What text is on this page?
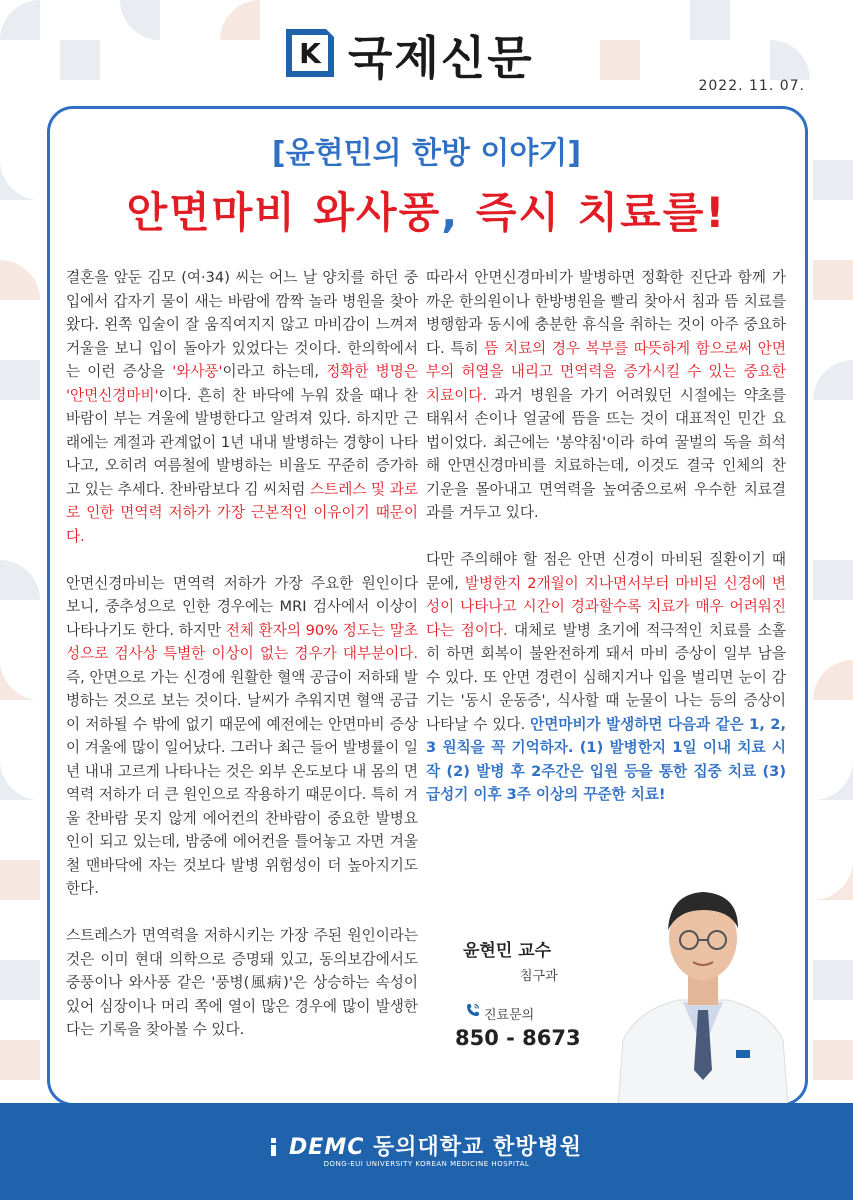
K 국제신문
2022. 11. 07.
[윤현민의 한방 이야기]
안면마비 와사풍, 즉시 치료를!

결혼을 앞둔 김모 (여·34) 씨는 어느 날 양치를 하던 중 입에서 갑자기 물이 새는 바람에 깜짝 놀라 병원을 찾아왔다. 왼쪽 입술이 잘 움직여지지 않고 마비감이 느껴져 거울을 보니 입이 돌아가 있었다는 것이다. 한의학에서는 이런 증상을 '와사풍'이라고 하는데, 정확한 병명은 '안면신경마비'이다. 흔히 찬 바닥에 누워 잤을 때나 찬바람이 부는 겨울에 발병한다고 알려져 있다. 하지만 근래에는 계절과 관계없이 1년 내내 발병하는 경향이 나타나고, 오히려 여름철에 발병하는 비율도 꾸준히 증가하고 있는 추세다. 찬바람보다 김 씨처럼 스트레스 및 과로로 인한 면역력 저하가 가장 근본적인 이유이기 때문이다.

안면신경마비는 면역력 저하가 가장 주요한 원인이다 보니, 중추성으로 인한 경우에는 MRI 검사에서 이상이 나타나기도 한다. 하지만 전체 환자의 90% 정도는 말초성으로 검사상 특별한 이상이 없는 경우가 대부분이다. 즉, 안면으로 가는 신경에 원활한 혈액 공급이 저하돼 발병하는 것으로 보는 것이다. 날씨가 추워지면 혈액 공급이 저하될 수 밖에 없기 때문에 예전에는 안면마비 증상이 겨울에 많이 일어났다. 그러나 최근 들어 발병률이 일년 내내 고르게 나타나는 것은 외부 온도보다 내 몸의 면역력 저하가 더 큰 원인으로 작용하기 때문이다. 특히 겨울 찬바람 못지 않게 에어컨의 찬바람이 중요한 발병요인이 되고 있는데, 밤중에 에어컨을 틀어놓고 자면 겨울철 맨바닥에 자는 것보다 발병 위험성이 더 높아지기도 한다.

스트레스가 면역력을 저하시키는 가장 주된 원인이라는 것은 이미 현대 의학으로 증명돼 있고, 동의보감에서도 중풍이나 와사풍 같은 '풍병(風病)'은 상승하는 속성이 있어 심장이나 머리 쪽에 열이 많은 경우에 많이 발생한다는 기록을 찾아볼 수 있다.

따라서 안면신경마비가 발병하면 정확한 진단과 함께 가까운 한의원이나 한방병원을 빨리 찾아서 침과 뜸 치료를 병행함과 동시에 충분한 휴식을 취하는 것이 아주 중요하다. 특히 뜸 치료의 경우 복부를 따뜻하게 함으로써 안면부의 허열을 내리고 면역력을 증가시킬 수 있는 중요한 치료이다. 과거 병원을 가기 어려웠던 시절에는 약초를 태워서 손이나 얼굴에 뜸을 뜨는 것이 대표적인 민간 요법이었다. 최근에는 '봉약침'이라 하여 꿀벌의 독을 희석해 안면신경마비를 치료하는데, 이것도 결국 인체의 찬 기운을 몰아내고 면역력을 높여줌으로써 우수한 치료결과를 거두고 있다.

다만 주의해야 할 점은 안면 신경이 마비된 질환이기 때문에, 발병한지 2개월이 지나면서부터 마비된 신경에 변성이 나타나고 시간이 경과할수록 치료가 매우 어려워진다는 점이다. 대체로 발병 초기에 적극적인 치료를 소홀히 하면 회복이 불완전하게 돼서 마비 증상이 일부 남을 수 있다. 또 안면 경련이 심해지거나 입을 벌리면 눈이 감기는 '동시 운동증', 식사할 때 눈물이 나는 등의 증상이 나타날 수 있다. 안면마비가 발생하면 다음과 같은 1, 2, 3 원칙을 꼭 기억하자. (1) 발병한지 1일 이내 치료 시작 (2) 발병 후 2주간은 입원 등을 통한 집중 치료 (3) 급성기 이후 3주 이상의 꾸준한 치료!

윤현민 교수
침구과
진료문의
850 - 8673
DEMC 동의대학교 한방병원
DONG-EUI UNIVERSITY KOREAN MEDICINE HOSPITAL
